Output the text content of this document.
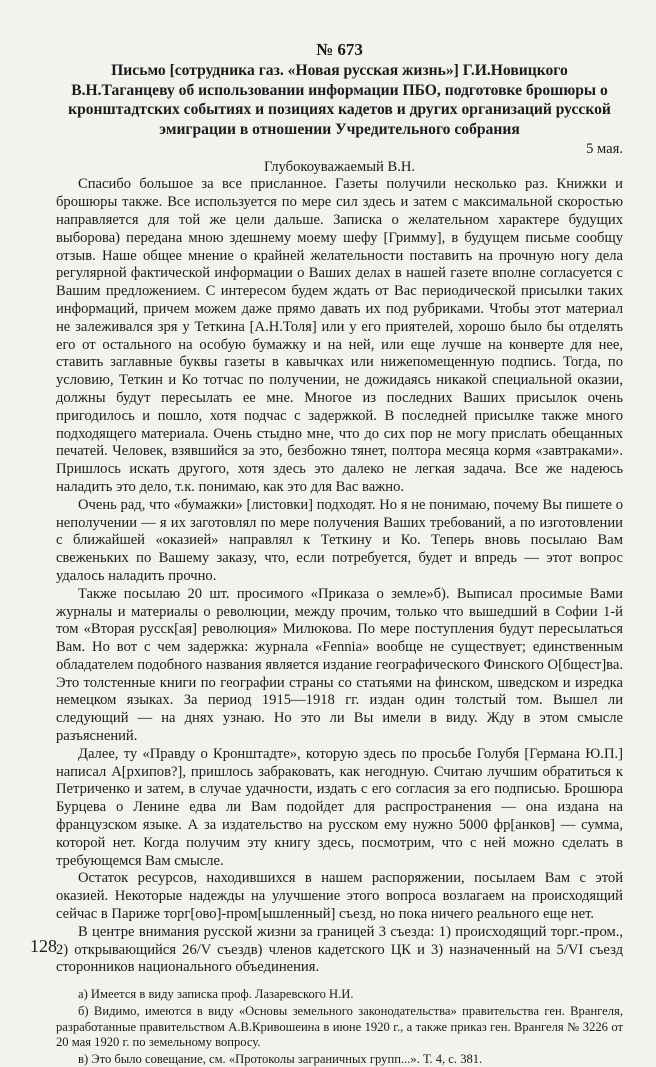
№ 673
Письмо [сотрудника газ. «Новая русская жизнь»] Г.И.Новицкого В.Н.Таганцеву об использовании информации ПБО, подготовке брошюры о кронштадтских событиях и позициях кадетов и других организаций русской эмиграции в отношении Учредительного собрания
5 мая.
Глубокоуважаемый В.Н.

Спасибо большое за все присланное. Газеты получили несколько раз. Книжки и брошюры также. Все используется по мере сил здесь и затем с максимальной скоростью направляется для той же цели дальше. Записка о желательном характере будущих выборова) передана мною здешнему моему шефу [Гримму], в будущем письме сообщу отзыв. Наше общее мнение о крайней желательности поставить на прочную ногу дела регулярной фактической информации о Ваших делах в нашей газете вполне согласуется с Вашим предложением. С интересом будем ждать от Вас периодической присылки таких информаций, причем можем даже прямо давать их под рубриками. Чтобы этот материал не залеживался зря у Теткина [А.Н.Толя] или у его приятелей, хорошо было бы отделять его от остального на особую бумажку и на ней, или еще лучше на конверте для нее, ставить заглавные буквы газеты в кавычках или нижепомещенную подпись. Тогда, по условию, Теткин и Ко тотчас по получении, не дожидаясь никакой специальной оказии, должны будут пересылать ее мне. Многое из последних Ваших присылок очень пригодилось и пошло, хотя подчас с задержкой. В последней присылке также много подходящего материала. Очень стыдно мне, что до сих пор не могу прислать обещанных печатей. Человек, взявшийся за это, безбожно тянет, полтора месяца кормя «завтраками». Пришлось искать другого, хотя здесь это далеко не легкая задача. Все же надеюсь наладить это дело, т.к. понимаю, как это для Вас важно.

Очень рад, что «бумажки» [листовки] подходят. Но я не понимаю, почему Вы пишете о неполучении — я их заготовлял по мере получения Ваших требований, а по изготовлении с ближайшей «оказией» направлял к Теткину и Ко. Теперь вновь посылаю Вам свеженьких по Вашему заказу, что, если потребуется, будет и впредь — этот вопрос удалось наладить прочно.

Также посылаю 20 шт. просимого «Приказа о земле»б). Выписал просимые Вами журналы и материалы о революции, между прочим, только что вышедший в Софии 1-й том «Вторая русск[ая] революция» Милюкова. По мере поступления будут пересылаться Вам. Но вот с чем задержка: журнала «Fennia» вообще не существует; единственным обладателем подобного названия является издание географического Финского О[бщест]ва. Это толстенные книги по географии страны со статьями на финском, шведском и изредка немецком языках. За период 1915—1918 гг. издан один толстый том. Вышел ли следующий — на днях узнаю. Но это ли Вы имели в виду. Жду в этом смысле разъяснений.

Далее, ту «Правду о Кронштадте», которую здесь по просьбе Голубя [Германа Ю.П.] написал А[рхипов?], пришлось забраковать, как негодную. Считаю лучшим обратиться к Петриченко и затем, в случае удачности, издать с его согласия за его подписью. Брошюра Бурцева о Ленине едва ли Вам подойдет для распространения — она издана на французском языке. А за издательство на русском ему нужно 5000 фр[анков] — сумма, которой нет. Когда получим эту книгу здесь, посмотрим, что с ней можно сделать в требующемся Вам смысле.

Остаток ресурсов, находившихся в нашем распоряжении, посылаем Вам с этой оказией. Некоторые надежды на улучшение этого вопроса возлагаем на происходящий сейчас в Париже торг[ово]-пром[ышленный] съезд, но пока ничего реального еще нет.

В центре внимания русской жизни за границей 3 съезда: 1) происходящий торг.-пром., 2) открывающийся 26/V съездв) членов кадетского ЦК и 3) назначенный на 5/VI съезд сторонников национального объединения.

а) Имеется в виду записка проф. Лазаревского Н.И.

б) Видимо, имеются в виду «Основы земельного законодательства» правительства ген. Врангеля, разработанные правительством А.В.Кривошеина в июне 1920 г., а также приказ ген. Врангеля № 3226 от 20 мая 1920 г. по земельному вопросу.

в) Это было совещание, см. «Протоколы заграничных групп...». Т. 4, с. 381.

128
